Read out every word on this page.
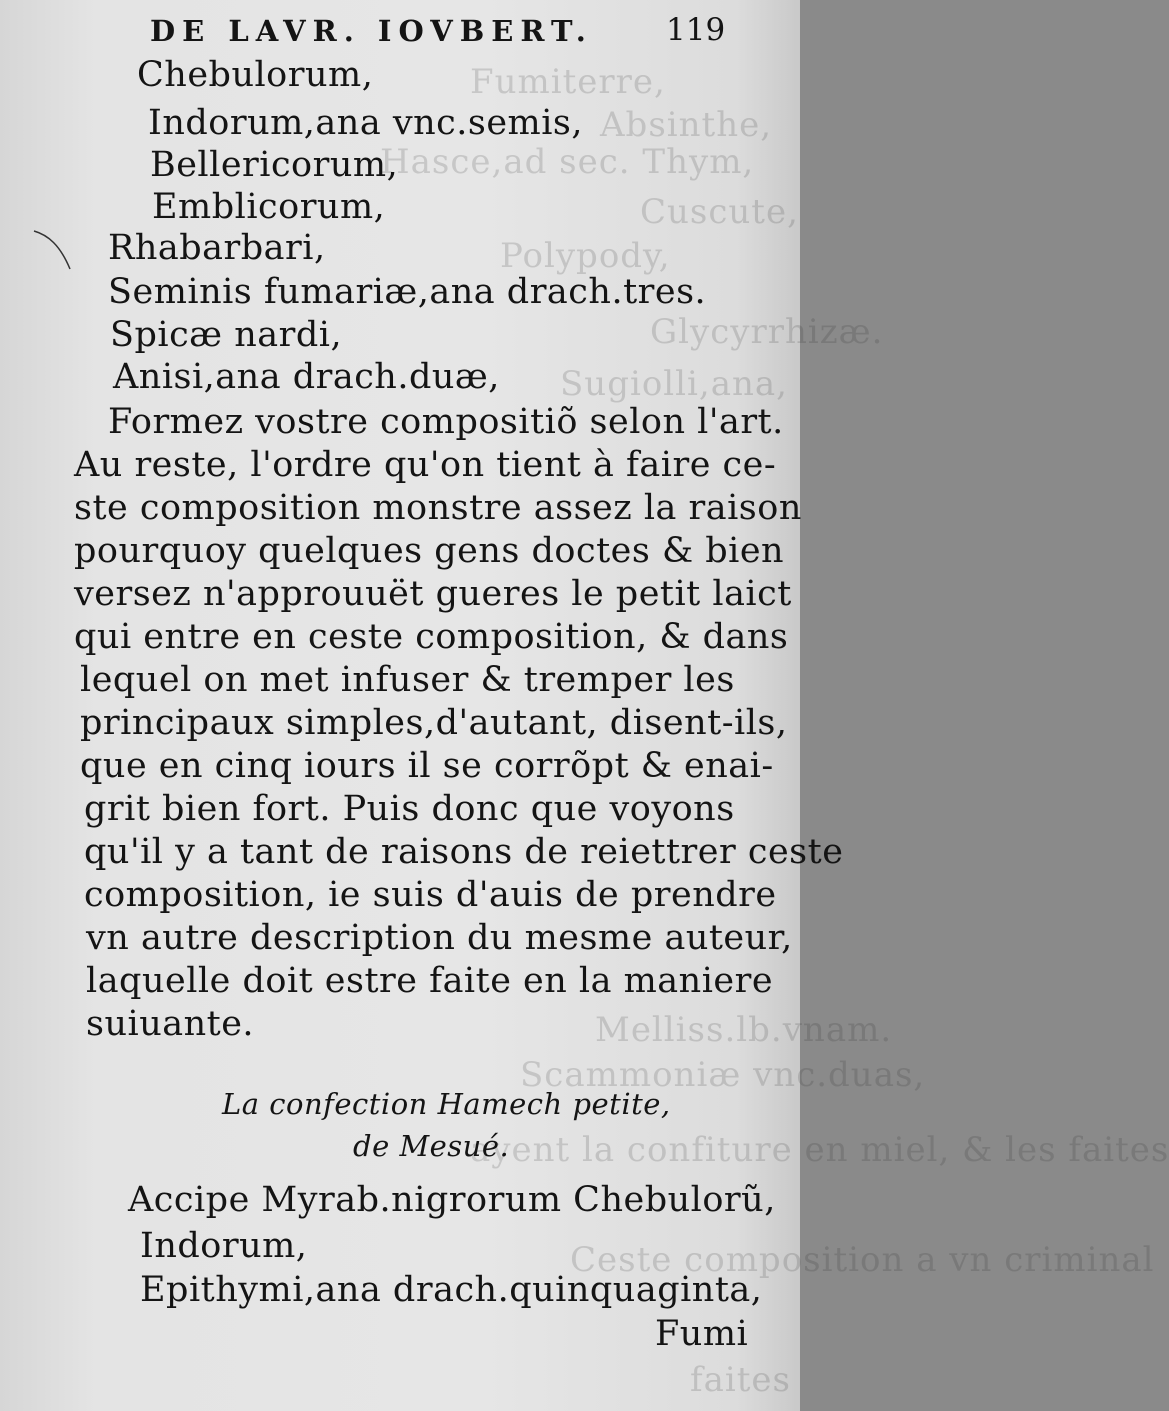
Fumiterre,
Absinthe,
Hasce,ad sec. Thym,
Cuscute,
Polypody,
Glycyrrhizæ.
Sugiolli,ana,
Melliss.lb.vnam.
Scammoniæ vnc.duas,
ayent la confiture en miel, & les faites
Ceste composition a vn criminal
faites
DE LAVR. IOVBERT. 119
Chebulorum,
Indorum,ana vnc.semis,
Bellericorum,
Emblicorum,
Rhabarbari,
Seminis fumariæ,ana drach.tres.
Spicæ nardi,
Anisi,ana drach.duæ,
Formez vostre compositiõ selon l'art.
Au reste, l'ordre qu'on tient à faire ce-
ste composition monstre assez la raison
pourquoy quelques gens doctes & bien
versez n'approuuët gueres le petit laict
qui entre en ceste composition, & dans
lequel on met infuser & tremper les
principaux simples,d'autant, disent-ils,
que en cinq iours il se corrõpt & enai-
grit bien fort. Puis donc que voyons
qu'il y a tant de raisons de reiettrer ceste
composition, ie suis d'auis de prendre
vn autre description du mesme auteur,
laquelle doit estre faite en la maniere
suiuante.
La confection Hamech petite,
de Mesué.
Accipe Myrab.nigrorum Chebulorũ,
Indorum,
Epithymi,ana drach.quinquaginta,
Fumi
